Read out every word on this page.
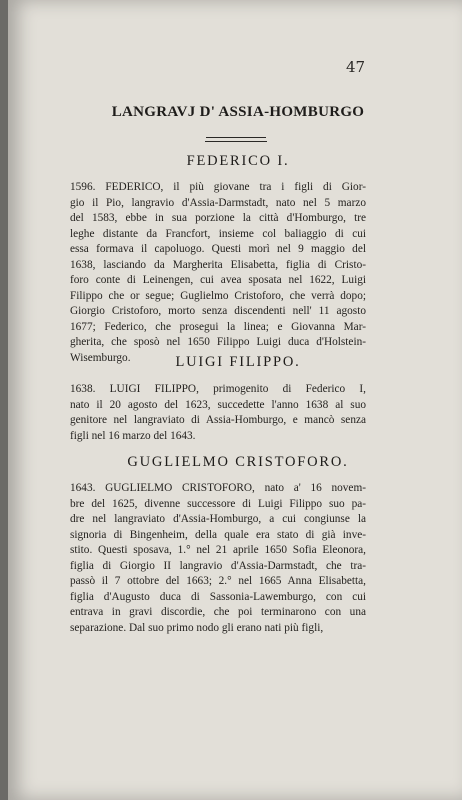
47
LANGRAVJ D' ASSIA-HOMBURGO
FEDERICO I.
1596. FEDERICO, il più giovane tra i figli di Gior-
gio il Pio, langravio d'Assia-Darmstadt, nato nel 5 marzo
del 1583, ebbe in sua porzione la città d'Homburgo, tre
leghe distante da Francfort, insieme col baliaggio di cui
essa formava il capoluogo. Questi morì nel 9 maggio del
1638, lasciando da Margherita Elisabetta, figlia di Cristo-
foro conte di Leinengen, cui avea sposata nel 1622, Luigi
Filippo che or segue; Guglielmo Cristoforo, che verrà dopo;
Giorgio Cristoforo, morto senza discendenti nell' 11 agosto
1677; Federico, che prosegui la linea; e Giovanna Mar-
gherita, che sposò nel 1650 Filippo Luigi duca d'Holstein-
Wisemburgo.	LUIGI FILIPPO.
1638. LUIGI FILIPPO, primogenito di Federico I,
nato il 20 agosto del 1623, succedette l'anno 1638 al suo
genitore nel langraviato di Assia-Homburgo, e mancò senza
figli nel 16 marzo del 1643.
GUGLIELMO CRISTOFORO.
1643. GUGLIELMO CRISTOFORO, nato a' 16 novem-
bre del 1625, divenne successore di Luigi Filippo suo pa-
dre nel langraviato d'Assia-Homburgo, a cui congiunse la
signoria di Bingenheim, della quale era stato di già inve-
stito. Questi sposava, 1.° nel 21 aprile 1650 Sofia Eleonora,
figlia di Giorgio II langravio d'Assia-Darmstadt, che tra-
passò il 7 ottobre del 1663; 2.° nel 1665 Anna Elisabetta,
figlia d'Augusto duca di Sassonia-Lawemburgo, con cui
entrava in gravi discordie, che poi terminarono con una
separazione. Dal suo primo nodo gli erano nati più figli,
